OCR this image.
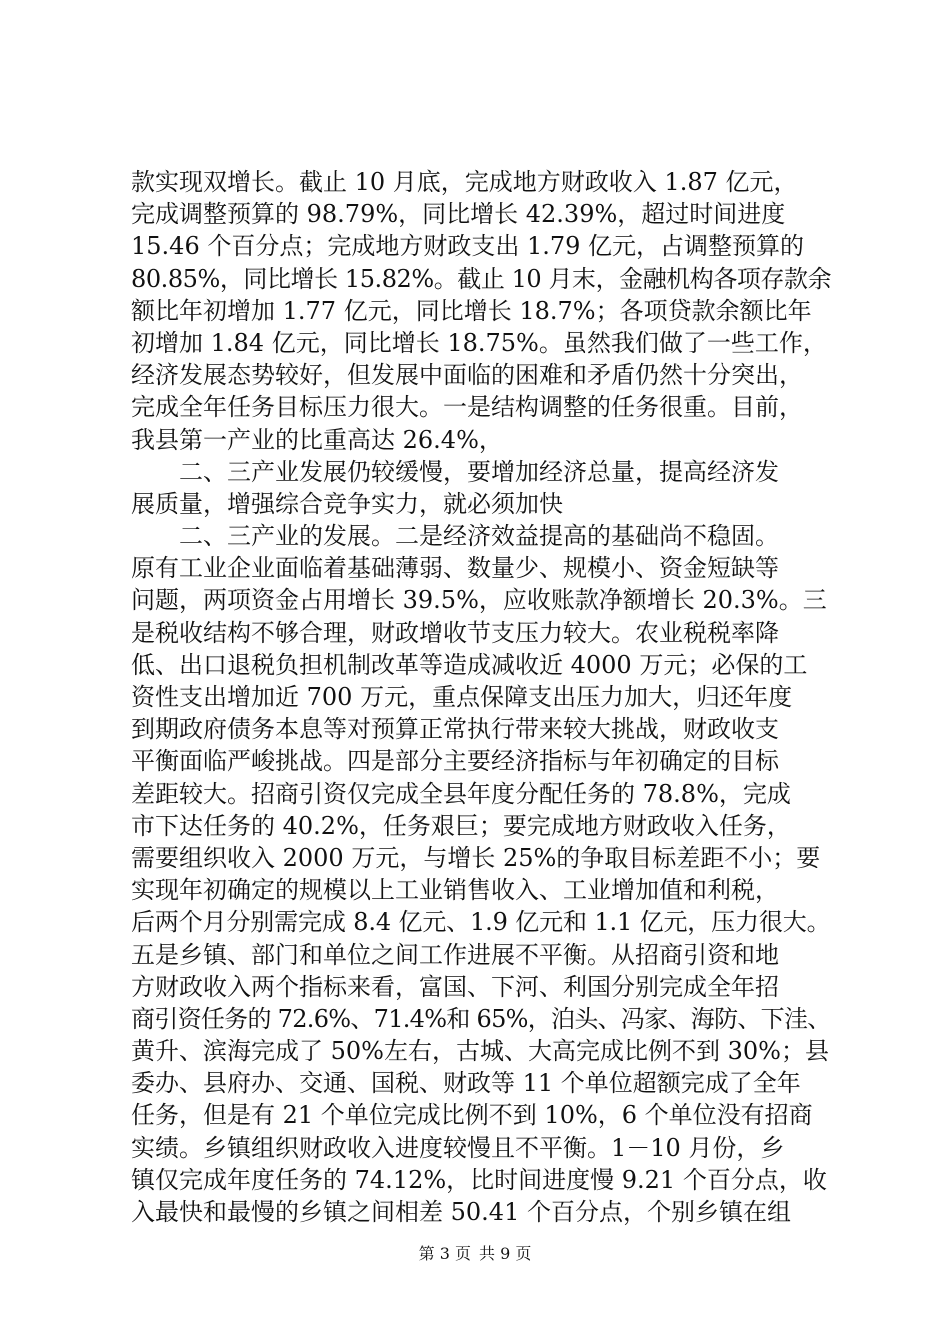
款实现双增长。截止 10 月底，完成地方财政收入 1.87 亿元，
完成调整预算的 98.79%，同比增长 42.39%，超过时间进度
15.46 个百分点；完成地方财政支出 1.79 亿元，占调整预算的
80.85%，同比增长 15.82%。截止 10 月末，金融机构各项存款余
额比年初增加 1.77 亿元，同比增长 18.7%；各项贷款余额比年
初增加 1.84 亿元，同比增长 18.75%。虽然我们做了一些工作，
经济发展态势较好，但发展中面临的困难和矛盾仍然十分突出，
完成全年任务目标压力很大。一是结构调整的任务很重。目前，
我县第一产业的比重高达 26.4%，
　　二、三产业发展仍较缓慢，要增加经济总量，提高经济发
展质量，增强综合竞争实力，就必须加快
　　二、三产业的发展。二是经济效益提高的基础尚不稳固。
原有工业企业面临着基础薄弱、数量少、规模小、资金短缺等
问题，两项资金占用增长 39.5%，应收账款净额增长 20.3%。三
是税收结构不够合理，财政增收节支压力较大。农业税税率降
低、出口退税负担机制改革等造成减收近 4000 万元；必保的工
资性支出增加近 700 万元，重点保障支出压力加大，归还年度
到期政府债务本息等对预算正常执行带来较大挑战，财政收支
平衡面临严峻挑战。四是部分主要经济指标与年初确定的目标
差距较大。招商引资仅完成全县年度分配任务的 78.8%，完成
市下达任务的 40.2%，任务艰巨；要完成地方财政收入任务，
需要组织收入 2000 万元，与增长 25%的争取目标差距不小；要
实现年初确定的规模以上工业销售收入、工业增加值和利税，
后两个月分别需完成 8.4 亿元、1.9 亿元和 1.1 亿元，压力很大。
五是乡镇、部门和单位之间工作进展不平衡。从招商引资和地
方财政收入两个指标来看，富国、下河、利国分别完成全年招
商引资任务的 72.6%、71.4%和 65%，泊头、冯家、海防、下洼、
黄升、滨海完成了 50%左右，古城、大高完成比例不到 30%；县
委办、县府办、交通、国税、财政等 11 个单位超额完成了全年
任务，但是有 21 个单位完成比例不到 10%，6 个单位没有招商
实绩。乡镇组织财政收入进度较慢且不平衡。1－10 月份，乡
镇仅完成年度任务的 74.12%，比时间进度慢 9.21 个百分点，收
入最快和最慢的乡镇之间相差 50.41 个百分点，个别乡镇在组
第 3 页 共 9 页
